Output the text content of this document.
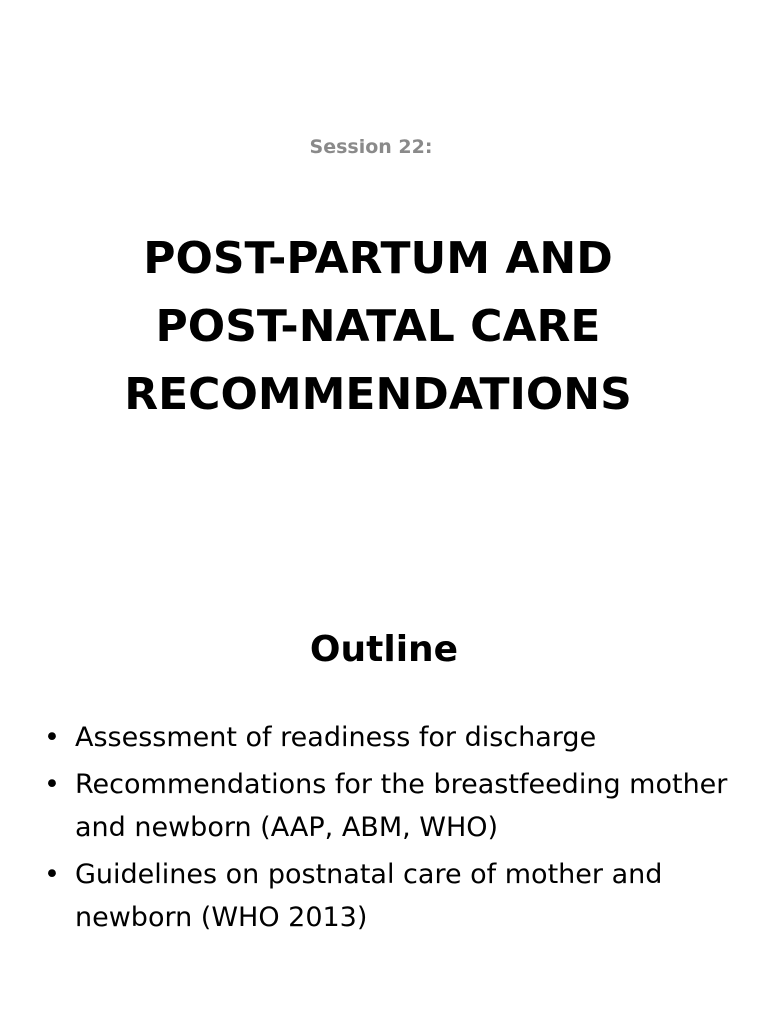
Session 22:
POST-PARTUM AND
POST-NATAL CARE
RECOMMENDATIONS
Outline
• Assessment of readiness for discharge
• Recommendations for the breastfeeding mother and newborn (AAP, ABM, WHO)
• Guidelines on postnatal care of mother and newborn (WHO 2013)
